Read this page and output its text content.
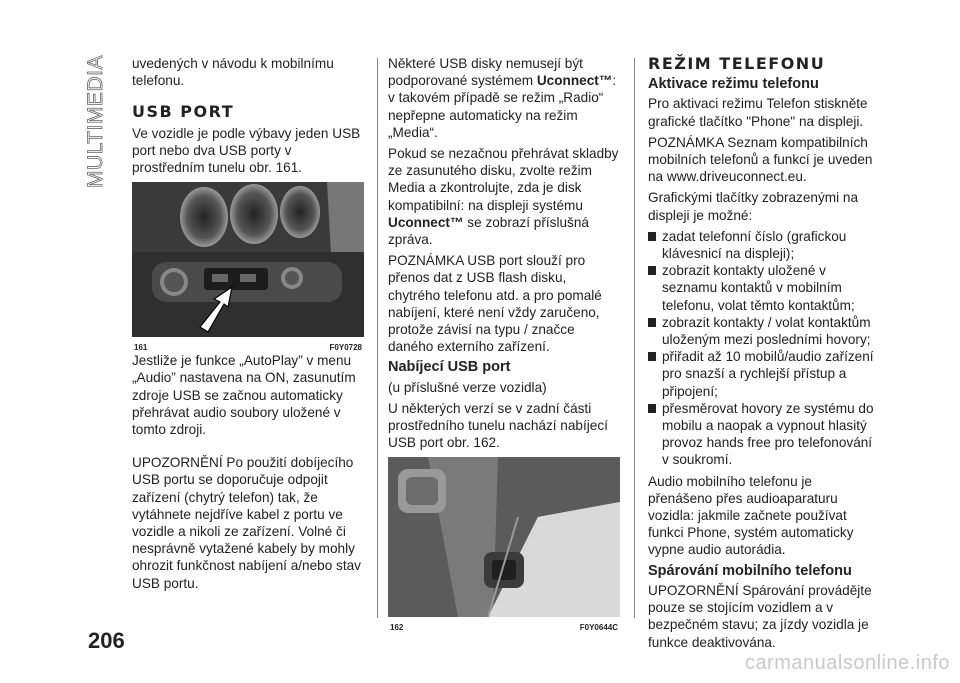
MULTIMEDIA uvedených v návodu k mobilnímu telefonu.

USB PORT

Ve vozidle je podle výbavy jeden USB port nebo dva USB porty v prostředním tunelu obr. 161.

161	F0Y0728

Jestliže je funkce „AutoPlay” v menu „Audio” nastavena na ON, zasunutím zdroje USB se začnou automaticky přehrávat audio soubory uložené v tomto zdroji.

UPOZORNĚNÍ Po použití dobíjecího USB portu se doporučuje odpojit zařízení (chytrý telefon) tak, že vytáhnete nejdříve kabel z portu ve vozidle a nikoli ze zařízení. Volné či nesprávně vytažené kabely by mohly ohrozit funkčnost nabíjení a/nebo stav USB portu.

Některé USB disky nemusejí být podporované systémem Uconnect™: v takovém případě se režim „Radio“ nepřepne automaticky na režim „Media“.

Pokud se nezačnou přehrávat skladby ze zasunutého disku, zvolte režim Media a zkontrolujte, zda je disk kompatibilní: na displeji systému Uconnect™ se zobrazí příslušná zpráva.

POZNÁMKA USB port slouží pro přenos dat z USB flash disku, chytrého telefonu atd. a pro pomalé nabíjení, které není vždy zaručeno, protože závisí na typu / značce daného externího zařízení.

Nabíjecí USB port

(u příslušné verze vozidla)

U některých verzí se v zadní části prostředního tunelu nachází nabíjecí USB port obr. 162.

162	F0Y0644C
REŽIM TELEFONU
Aktivace režimu telefonu

Pro aktivaci režimu Telefon stiskněte grafické tlačítko "Phone" na displeji.

POZNÁMKA Seznam kompatibilních mobilních telefonů a funkcí je uveden na www.driveuconnect.eu.

Grafickými tlačítky zobrazenými na displeji je možné:

zadat telefonní číslo (grafickou klávesnicí na displeji);
zobrazit kontakty uložené v seznamu kontaktů v mobilním telefonu, volat těmto kontaktům;
zobrazit kontakty / volat kontaktům uloženým mezi posledními hovory;
přiřadit až 10 mobilů/audio zařízení pro snazší a rychlejší přístup a připojení;
přesměrovat hovory ze systému do mobilu a naopak a vypnout hlasitý provoz hands free pro telefonování v soukromí.

Audio mobilního telefonu je přenášeno přes audioaparaturu vozidla: jakmile začnete používat funkci Phone, systém automaticky vypne audio autorádia.

Spárování mobilního telefonu

UPOZORNĚNÍ Spárování provádějte pouze se stojícím vozidlem a v bezpečném stavu; za jízdy vozidla je funkce deaktivována.

206
carmanualsonline.info
